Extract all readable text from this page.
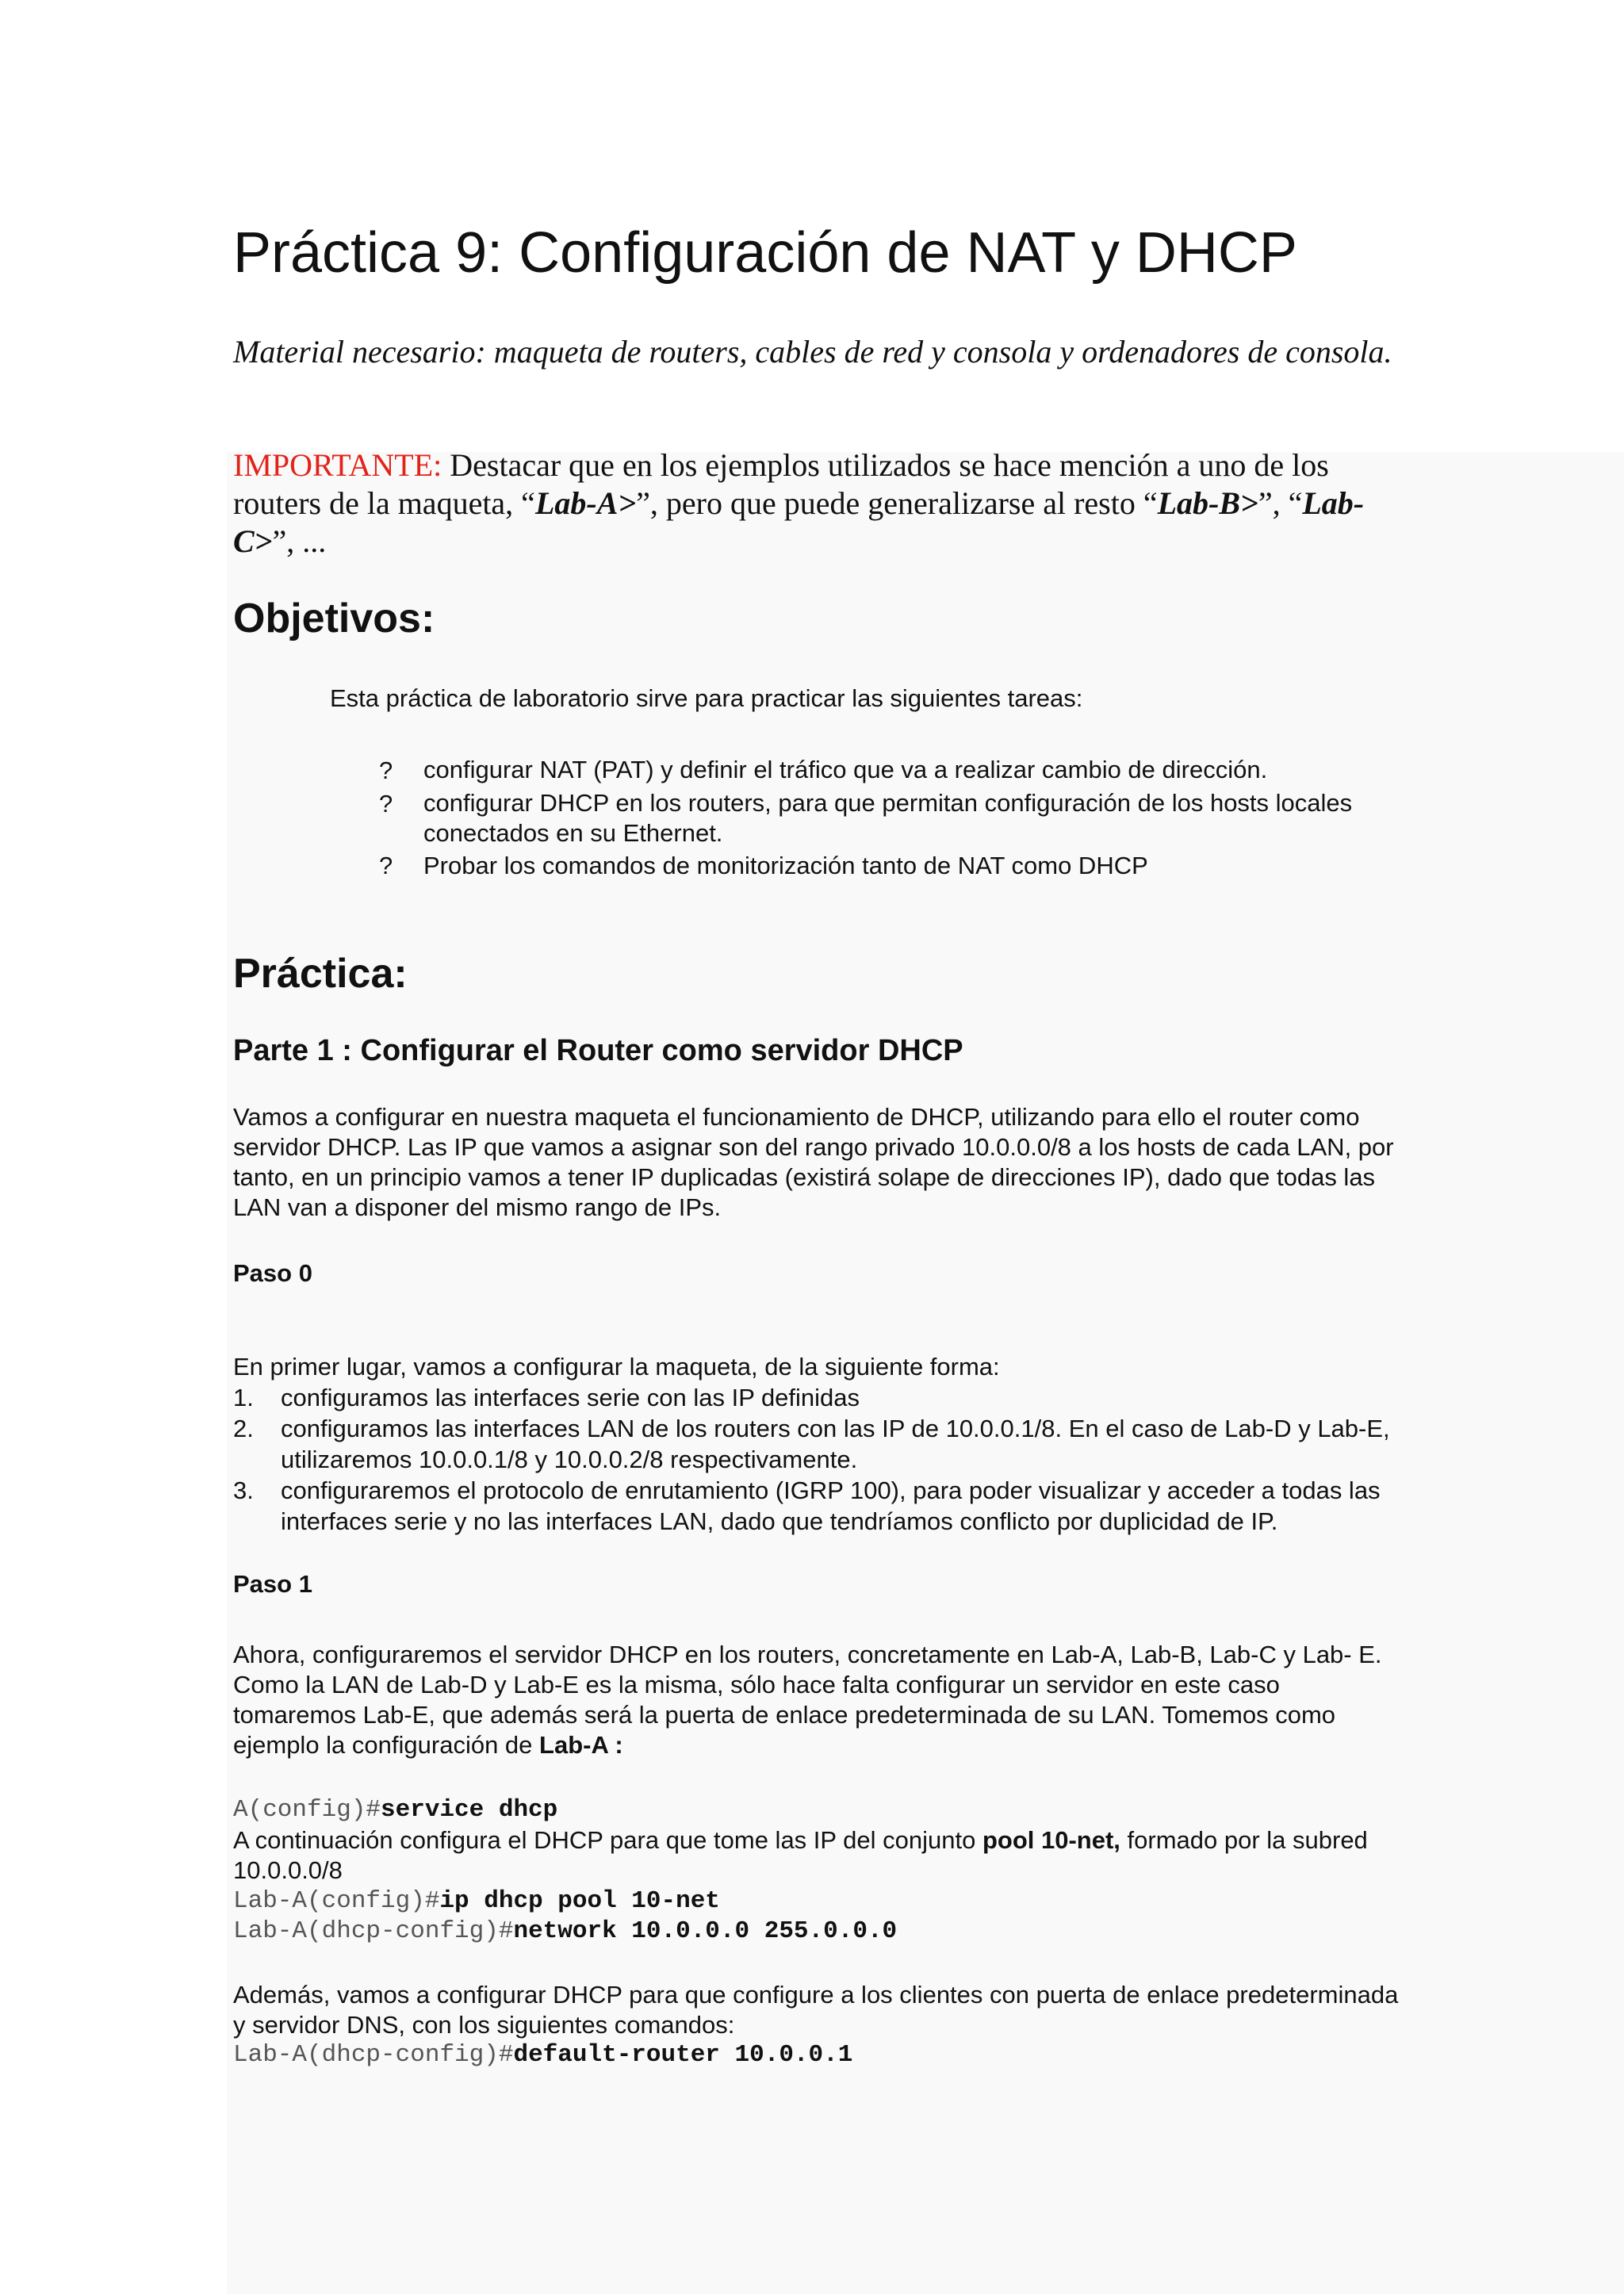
Práctica 9: Configuración de NAT y DHCP

Material necesario: maqueta de routers, cables de red y consola y ordenadores de consola.

IMPORTANTE: Destacar que en los ejemplos utilizados se hace mención a uno de los routers de la maqueta, “Lab-A>”, pero que puede generalizarse al resto “Lab-B>”, “Lab-C>”, ...

Objetivos:

Esta práctica de laboratorio sirve para practicar las siguientes tareas:

?	configurar NAT (PAT) y definir el tráfico que va a realizar cambio de dirección.
?	configurar DHCP en los routers, para que permitan configuración de los hosts locales conectados en su Ethernet.
?	Probar los comandos de monitorización tanto de NAT como DHCP
Práctica:
Parte 1 : Configurar el Router como servidor DHCP

Vamos a configurar en nuestra maqueta el funcionamiento de DHCP, utilizando para ello el router como servidor DHCP. Las IP que vamos a asignar son del rango privado 10.0.0.0/8 a los hosts de cada LAN, por tanto, en un principio vamos a tener IP duplicadas (existirá solape de direcciones IP), dado que todas las LAN van a disponer del mismo rango de IPs.

Paso 0

En primer lugar, vamos a configurar la maqueta, de la siguiente forma:
1.	configuramos las interfaces serie con las IP definidas
2.	configuramos las interfaces LAN de los routers con las IP de 10.0.0.1/8. En el caso de Lab-D y Lab-E, utilizaremos 10.0.0.1/8 y 10.0.0.2/8 respectivamente.
3.	configuraremos el protocolo de enrutamiento (IGRP 100), para poder visualizar y acceder a todas las interfaces serie y no las interfaces LAN, dado que tendríamos conflicto por duplicidad de IP.

Paso 1

Ahora, configuraremos el servidor DHCP en los routers, concretamente en Lab-A, Lab-B, Lab-C y Lab- E. Como la LAN de Lab-D y Lab-E es la misma, sólo hace falta configurar un servidor en este caso tomaremos Lab-E, que además será la puerta de enlace predeterminada de su LAN. Tomemos como ejemplo la configuración de Lab-A :

A(config)#service dhcp

A continuación configura el DHCP para que tome las IP del conjunto pool 10-net, formado por la subred 10.0.0.0/8

Lab-A(config)#ip dhcp pool 10-net

Lab-A(dhcp-config)#network 10.0.0.0 255.0.0.0

Además, vamos a configurar DHCP para que configure a los clientes con puerta de enlace predeterminada y servidor DNS, con los siguientes comandos:

Lab-A(dhcp-config)#default-router 10.0.0.1
